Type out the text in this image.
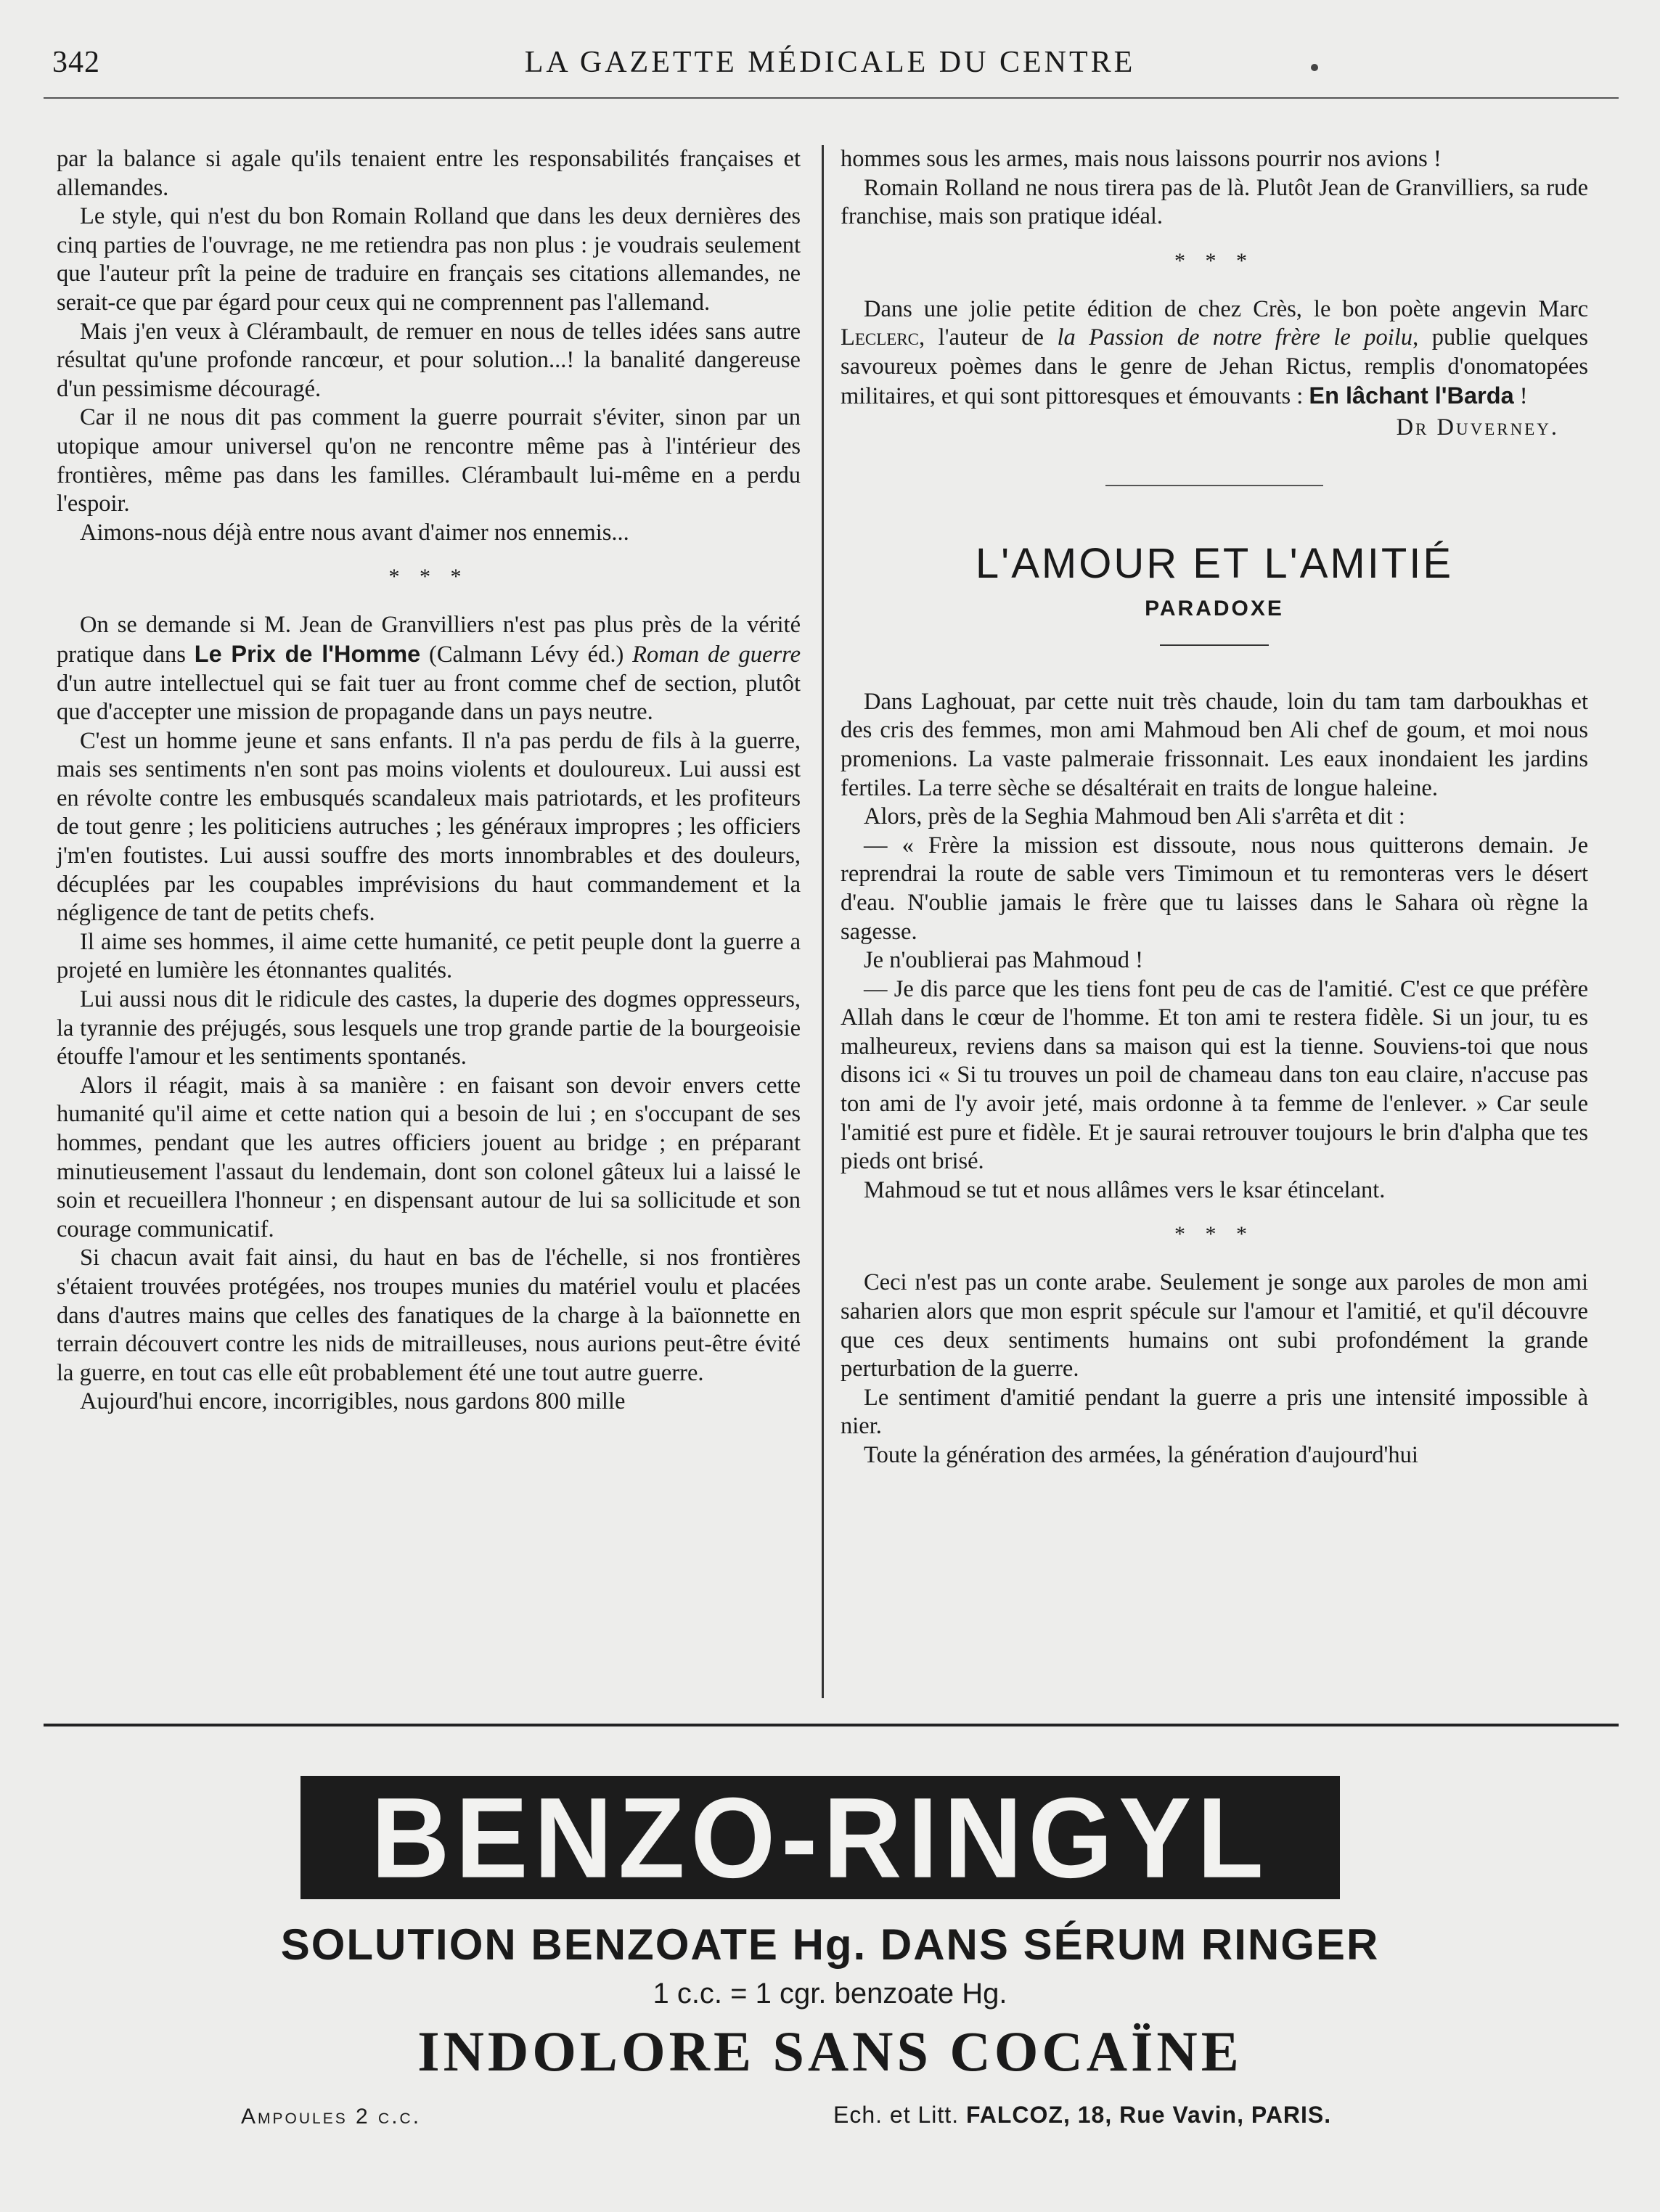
342	LA GAZETTE MÉDICALE DU CENTRE

par la balance si agale qu'ils tenaient entre les responsabilités françaises et allemandes.

Le style, qui n'est du bon Romain Rolland que dans les deux dernières des cinq parties de l'ouvrage, ne me retiendra pas non plus : je voudrais seulement que l'auteur prît la peine de traduire en français ses citations allemandes, ne serait-ce que par égard pour ceux qui ne comprennent pas l'allemand.

Mais j'en veux à Clérambault, de remuer en nous de telles idées sans autre résultat qu'une profonde rancœur, et pour solution...! la banalité dangereuse d'un pessimisme découragé.

Car il ne nous dit pas comment la guerre pourrait s'éviter, sinon par un utopique amour universel qu'on ne rencontre même pas à l'intérieur des frontières, même pas dans les familles. Clérambault lui-même en a perdu l'espoir.

Aimons-nous déjà entre nous avant d'aimer nos ennemis...

* * *

On se demande si M. Jean de Granvilliers n'est pas plus près de la vérité pratique dans Le Prix de l'Homme (Calmann Lévy éd.) Roman de guerre d'un autre intellectuel qui se fait tuer au front comme chef de section, plutôt que d'accepter une mission de propagande dans un pays neutre.

C'est un homme jeune et sans enfants. Il n'a pas perdu de fils à la guerre, mais ses sentiments n'en sont pas moins violents et douloureux. Lui aussi est en révolte contre les embusqués scandaleux mais patriotards, et les profiteurs de tout genre ; les politiciens autruches ; les généraux impropres ; les officiers j'm'en foutistes. Lui aussi souffre des morts innombrables et des douleurs, décuplées par les coupables imprévisions du haut commandement et la négligence de tant de petits chefs.

Il aime ses hommes, il aime cette humanité, ce petit peuple dont la guerre a projeté en lumière les étonnantes qualités.

Lui aussi nous dit le ridicule des castes, la duperie des dogmes oppresseurs, la tyrannie des préjugés, sous lesquels une trop grande partie de la bourgeoisie étouffe l'amour et les sentiments spontanés.

Alors il réagit, mais à sa manière : en faisant son devoir envers cette humanité qu'il aime et cette nation qui a besoin de lui ; en s'occupant de ses hommes, pendant que les autres officiers jouent au bridge ; en préparant minutieusement l'assaut du lendemain, dont son colonel gâteux lui a laissé le soin et recueillera l'honneur ; en dispensant autour de lui sa sollicitude et son courage communicatif.

Si chacun avait fait ainsi, du haut en bas de l'échelle, si nos frontières s'étaient trouvées protégées, nos troupes munies du matériel voulu et placées dans d'autres mains que celles des fanatiques de la charge à la baïonnette en terrain découvert contre les nids de mitrailleuses, nous aurions peut-être évité la guerre, en tout cas elle eût probablement été une tout autre guerre.

Aujourd'hui encore, incorrigibles, nous gardons 800 mille

hommes sous les armes, mais nous laissons pourrir nos avions !

Romain Rolland ne nous tirera pas de là. Plutôt Jean de Granvilliers, sa rude franchise, mais son pratique idéal.

* * *

Dans une jolie petite édition de chez Crès, le bon poète angevin Marc Leclerc, l'auteur de la Passion de notre frère le poilu, publie quelques savoureux poèmes dans le genre de Jehan Rictus, remplis d'onomatopées militaires, et qui sont pittoresques et émouvants : En lâchant l'Barda !

Dr Duverney.
L'AMOUR ET L'AMITIÉ
PARADOXE

Dans Laghouat, par cette nuit très chaude, loin du tam tam darboukhas et des cris des femmes, mon ami Mahmoud ben Ali chef de goum, et moi nous promenions. La vaste palmeraie frissonnait. Les eaux inondaient les jardins fertiles. La terre sèche se désaltérait en traits de longue haleine.

Alors, près de la Seghia Mahmoud ben Ali s'arrêta et dit :

— « Frère la mission est dissoute, nous nous quitterons demain. Je reprendrai la route de sable vers Timimoun et tu remonteras vers le désert d'eau. N'oublie jamais le frère que tu laisses dans le Sahara où règne la sagesse.

Je n'oublierai pas Mahmoud !

— Je dis parce que les tiens font peu de cas de l'amitié. C'est ce que préfère Allah dans le cœur de l'homme. Et ton ami te restera fidèle. Si un jour, tu es malheureux, reviens dans sa maison qui est la tienne. Souviens-toi que nous disons ici « Si tu trouves un poil de chameau dans ton eau claire, n'accuse pas ton ami de l'y avoir jeté, mais ordonne à ta femme de l'enlever. » Car seule l'amitié est pure et fidèle. Et je saurai retrouver toujours le brin d'alpha que tes pieds ont brisé.

Mahmoud se tut et nous allâmes vers le ksar étincelant.

* * *

Ceci n'est pas un conte arabe. Seulement je songe aux paroles de mon ami saharien alors que mon esprit spécule sur l'amour et l'amitié, et qu'il découvre que ces deux sentiments humains ont subi profondément la grande perturbation de la guerre.

Le sentiment d'amitié pendant la guerre a pris une intensité impossible à nier.

Toute la génération des armées, la génération d'aujourd'hui

BENZO-RINGYL
SOLUTION BENZOATE Hg. DANS SÉRUM RINGER
1 c.c. = 1 cgr. benzoate Hg.
INDOLORE SANS COCAÏNE
Ampoules 2 c.c.	Ech. et Litt. FALCOZ, 18, Rue Vavin, PARIS.
